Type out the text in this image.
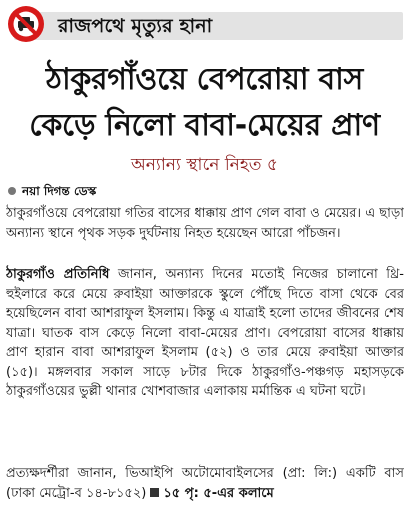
রাজপথে মৃত্যুর হানা
ঠাকুরগাঁওয়ে বেপরোয়া বাস
কেড়ে নিলো বাবা-মেয়ের প্রাণ
অন্যান্য স্থানে নিহত ৫
নয়া দিগন্ত ডেস্ক

ঠাকুরগাঁওয়ে বেপরোয়া গতির বাসের ধাক্কায় প্রাণ গেল বাবা ও মেয়ের। এ ছাড়া অন্যান্য স্থানে পৃথক সড়ক দুর্ঘটনায় নিহত হয়েছেন আরো পাঁচজন।

ঠাকুরগাঁও প্রতিনিধি জানান, অন্যান্য দিনের মতোই নিজের চালানো থ্রি-হুইলারে করে মেয়ে রুবাইয়া আক্তারকে স্কুলে পৌঁছে দিতে বাসা থেকে বের হয়েছিলেন বাবা আশরাফুল ইসলাম। কিন্তু এ যাত্রাই হলো তাদের জীবনের শেষ যাত্রা। ঘাতক বাস কেড়ে নিলো বাবা-মেয়ের প্রাণ। বেপরোয়া বাসের ধাক্কায় প্রাণ হারান বাবা আশরাফুল ইসলাম (৫২) ও তার মেয়ে রুবাইয়া আক্তার (১৫)। মঙ্গলবার সকাল সাড়ে ৮টার দিকে ঠাকুরগাঁও-পঞ্চগড় মহাসড়কে ঠাকুরগাঁওয়ের ভুল্লী থানার খোশবাজার এলাকায় মর্মান্তিক এ ঘটনা ঘটে।

প্রত্যক্ষদর্শীরা জানান, ভিআইপি অটোমোবাইলসের (প্রা: লি:) একটি বাস (ঢাকা মেট্রো-ব ১৪-৮১৫২) ১৫ পৃ: ৫-এর কলামে
